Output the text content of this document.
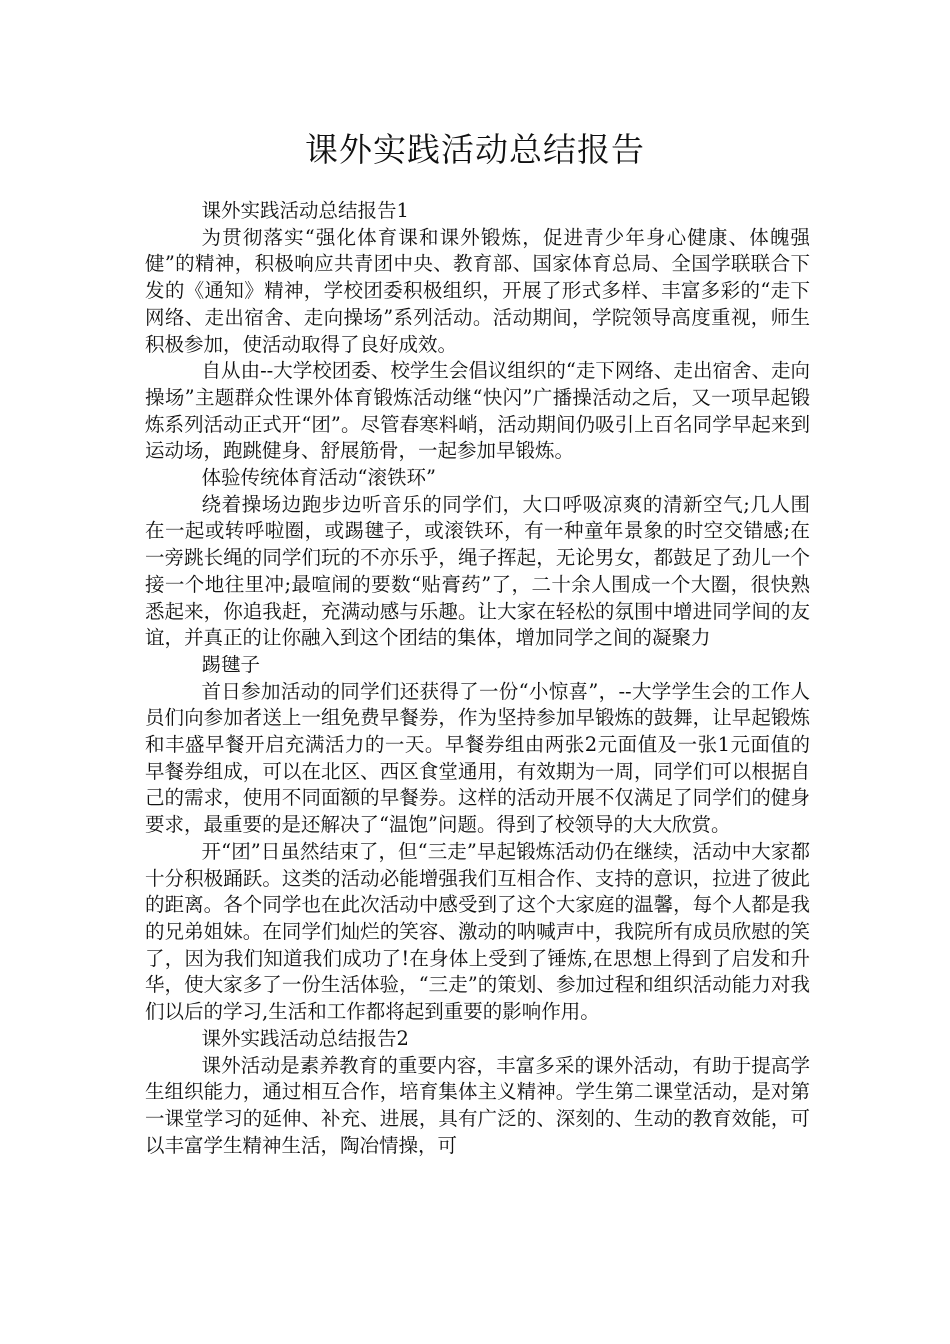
课外实践活动总结报告

课外实践活动总结报告1

为贯彻落实“强化体育课和课外锻炼，促进青少年身心健康、体魄强健”的精神，积极响应共青团中央、教育部、国家体育总局、全国学联联合下发的《通知》精神，学校团委积极组织，开展了形式多样、丰富多彩的“走下网络、走出宿舍、走向操场”系列活动。活动期间，学院领导高度重视，师生积极参加，使活动取得了良好成效。

自从由--大学校团委、校学生会倡议组织的“走下网络、走出宿舍、走向操场”主题群众性课外体育锻炼活动继“快闪”广播操活动之后，又一项早起锻炼系列活动正式开“团”。尽管春寒料峭，活动期间仍吸引上百名同学早起来到运动场，跑跳健身、舒展筋骨，一起参加早锻炼。

体验传统体育活动“滚铁环”

绕着操场边跑步边听音乐的同学们，大口呼吸凉爽的清新空气;几人围在一起或转呼啦圈，或踢毽子，或滚铁环，有一种童年景象的时空交错感;在一旁跳长绳的同学们玩的不亦乐乎，绳子挥起，无论男女，都鼓足了劲儿一个接一个地往里冲;最喧闹的要数“贴膏药”了，二十余人围成一个大圈，很快熟悉起来，你追我赶，充满动感与乐趣。让大家在轻松的氛围中增进同学间的友谊，并真正的让你融入到这个团结的集体，增加同学之间的凝聚力

踢毽子

首日参加活动的同学们还获得了一份“小惊喜”，--大学学生会的工作人员们向参加者送上一组免费早餐券，作为坚持参加早锻炼的鼓舞，让早起锻炼和丰盛早餐开启充满活力的一天。早餐券组由两张2元面值及一张1元面值的早餐券组成，可以在北区、西区食堂通用，有效期为一周，同学们可以根据自己的需求，使用不同面额的早餐券。这样的活动开展不仅满足了同学们的健身要求，最重要的是还解决了“温饱”问题。得到了校领导的大大欣赏。

开“团”日虽然结束了，但“三走”早起锻炼活动仍在继续，活动中大家都十分积极踊跃。这类的活动必能增强我们互相合作、支持的意识，拉进了彼此的距离。各个同学也在此次活动中感受到了这个大家庭的温馨，每个人都是我的兄弟姐妹。在同学们灿烂的笑容、激动的呐喊声中，我院所有成员欣慰的笑了，因为我们知道我们成功了!在身体上受到了锤炼,在思想上得到了启发和升华，使大家多了一份生活体验，“三走”的策划、参加过程和组织活动能力对我们以后的学习,生活和工作都将起到重要的影响作用。

课外实践活动总结报告2

课外活动是素养教育的重要内容，丰富多采的课外活动，有助于提高学生组织能力，通过相互合作，培育集体主义精神。学生第二课堂活动，是对第一课堂学习的延伸、补充、进展，具有广泛的、深刻的、生动的教育效能，可以丰富学生精神生活，陶冶情操，可
